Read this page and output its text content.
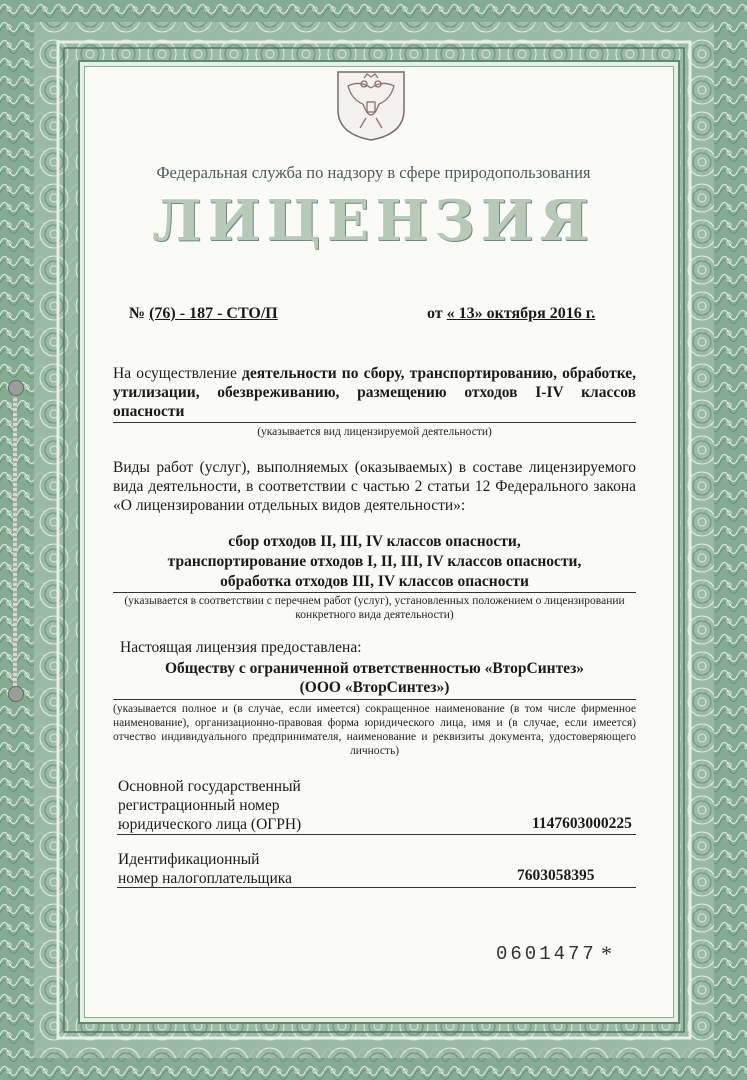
Федеральная служба по надзору в сфере природопользования
ЛИЦЕНЗИЯ
№ (76) - 187 - СТО/П	от « 13» октября 2016 г.
На осуществление деятельности по сбору, транспортированию, обработке, утилизации, обезвреживанию, размещению отходов I-IV классов опасности
(указывается вид лицензируемой деятельности)
Виды работ (услуг), выполняемых (оказываемых) в составе лицензируемого вида деятельности, в соответствии с частью 2 статьи 12 Федерального закона «О лицензировании отдельных видов деятельности»:
сбор отходов II, III, IV классов опасности,
транспортирование отходов I, II, III, IV классов опасности,
обработка отходов III, IV классов опасности
(указывается в соответствии с перечнем работ (услуг), установленных положением о лицензировании конкретного вида деятельности)
Настоящая лицензия предоставлена:
Обществу с ограниченной ответственностью «ВторСинтез»
(ООО «ВторСинтез»)
(указывается полное и (в случае, если имеется) сокращенное наименование (в том числе фирменное наименование), организационно-правовая форма юридического лица, имя и (в случае, если имеется) отчество индивидуального предпринимателя, наименование и реквизиты документа, удостоверяющего личность)
Основной государственный
регистрационный номер
юридического лица (ОГРН)	1147603000225
Идентификационный
номер налогоплательщика	7603058395
0601477 *
